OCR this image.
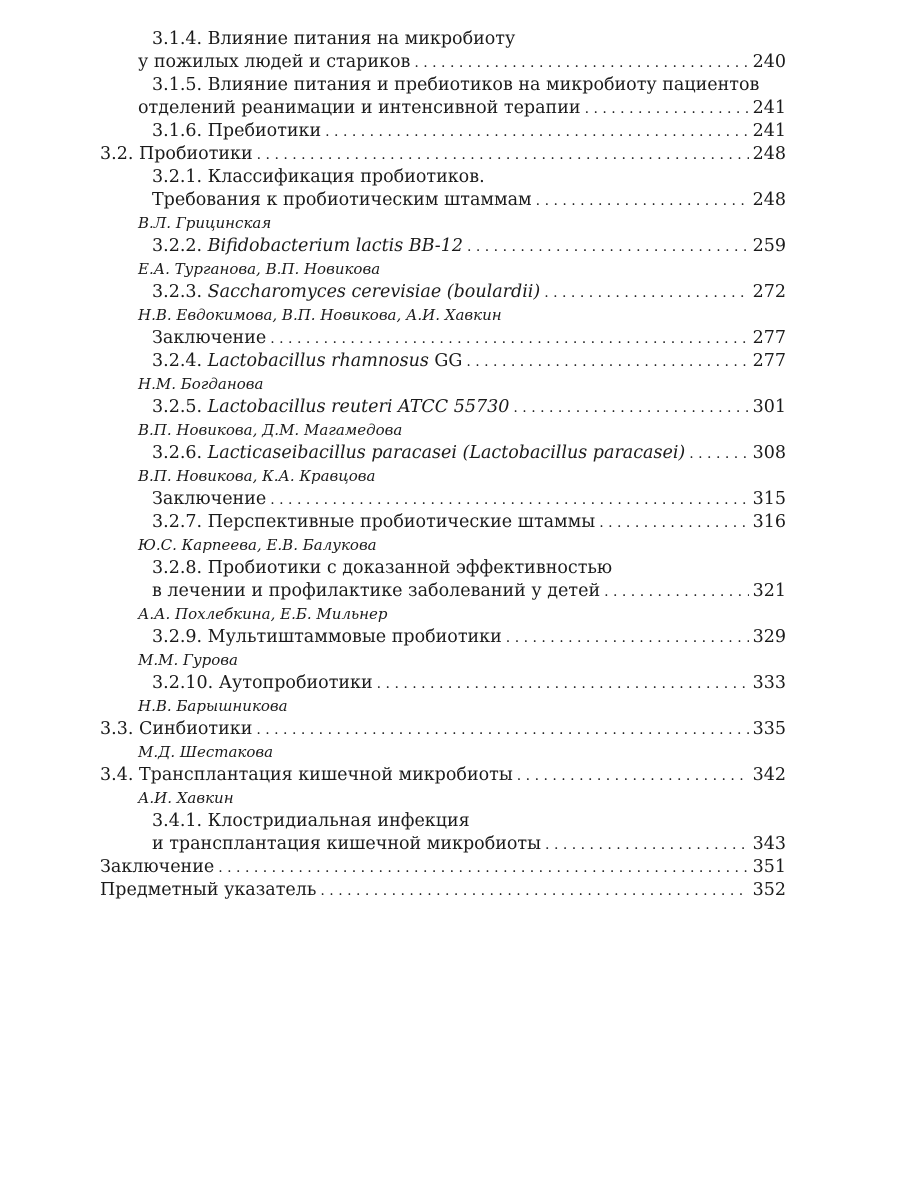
3.1.4. Влияние питания на микробиоту
у пожилых людей и стариков . . .	240
3.1.5. Влияние питания и пребиотиков на микробиоту пациентов
отделений реанимации и интенсивной терапии . . .	241
3.1.6. Пребиотики . . .	241
3.2. Пробиотики . . .	248
3.2.1. Классификация пробиотиков.
Требования к пробиотическим штаммам . . .	248
В.Л. Грицинская
3.2.2. Bifidobacterium lactis BB-12 . . .	259
Е.А. Турганова, В.П. Новикова
3.2.3. Saccharomyces cerevisiae (boulardii) . . .	272
Н.В. Евдокимова, В.П. Новикова, А.И. Хавкин
Заключение . . .	277
3.2.4. Lactobacillus rhamnosus GG . . .	277
Н.М. Богданова
3.2.5. Lactobacillus reuteri ATCC 55730 . . .	301
В.П. Новикова, Д.М. Магамедова
3.2.6. Lacticaseibacillus paracasei (Lactobacillus paracasei) . . .	308
В.П. Новикова, К.А. Кравцова
Заключение . . .	315
3.2.7. Перспективные пробиотические штаммы . . .	316
Ю.С. Карпеева, Е.В. Балукова
3.2.8. Пробиотики с доказанной эффективностью
в лечении и профилактике заболеваний у детей . . .	321
А.А. Похлебкина, Е.Б. Мильнер
3.2.9. Мультиштаммовые пробиотики . . .	329
М.М. Гурова
3.2.10. Аутопробиотики . . .	333
Н.В. Барышникова
3.3. Синбиотики . . .	335
М.Д. Шестакова
3.4. Трансплантация кишечной микробиоты . . .	342
А.И. Хавкин
3.4.1. Клостридиальная инфекция
и трансплантация кишечной микробиоты . . .	343
Заключение . . .	351
Предметный указатель . . .	352
